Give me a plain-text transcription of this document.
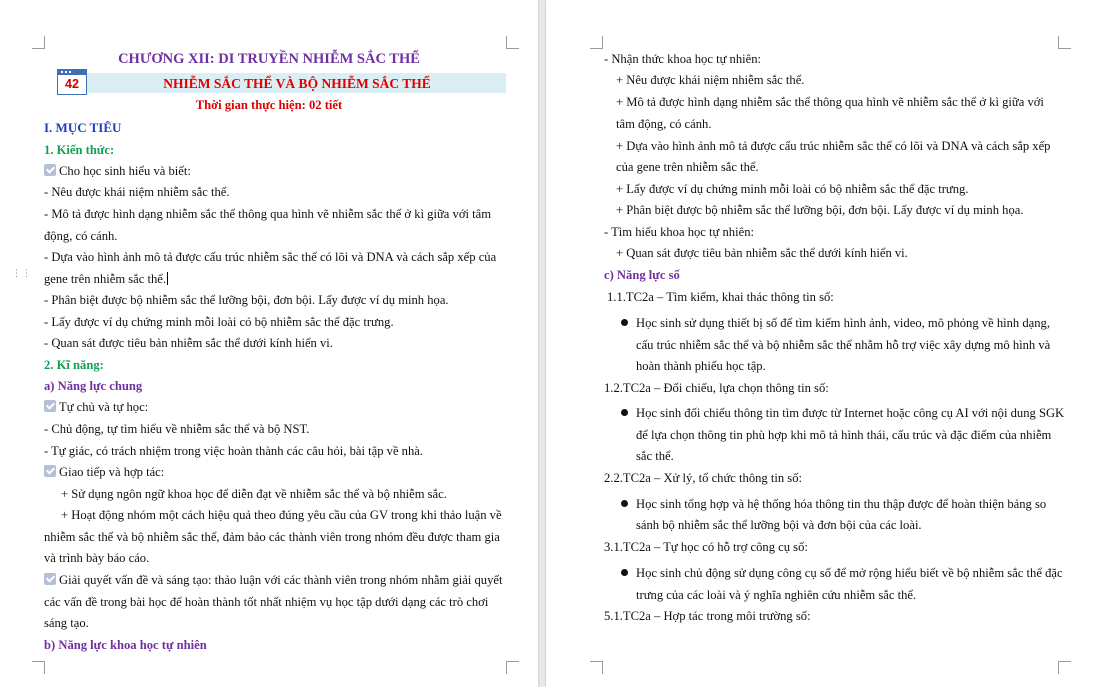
CHƯƠNG XII: DI TRUYỀN NHIỄM SẮC THỂ
42	NHIỄM SẮC THỂ VÀ BỘ NHIỄM SẮC THỂ
Thời gian thực hiện: 02 tiết
⋮⋮
I. MỤC TIÊU
1. Kiến thức:
Cho học sinh hiểu và biết:
- Nêu được khái niệm nhiễm sắc thể.
- Mô tả được hình dạng nhiễm sắc thể thông qua hình vẽ nhiễm sắc thể ở kì giữa với tâm
động, có cánh.
- Dựa vào hình ảnh mô tả được cấu trúc nhiễm sắc thể có lõi và DNA và cách sắp xếp của
gene trên nhiễm sắc thể.
- Phân biệt được bộ nhiễm sắc thể lưỡng bội, đơn bội. Lấy được ví dụ minh họa.
- Lấy được ví dụ chứng minh mỗi loài có bộ nhiễm sắc thể đặc trưng.
- Quan sát được tiêu bản nhiễm sắc thể dưới kính hiển vi.
2. Kĩ năng:
a) Năng lực chung
Tự chủ và tự học:
- Chủ động, tự tìm hiểu về nhiễm sắc thể và bộ NST.
- Tự giác, có trách nhiệm trong việc hoàn thành các câu hỏi, bài tập về nhà.
Giao tiếp và hợp tác:
+ Sử dụng ngôn ngữ khoa học để diễn đạt về nhiễm sắc thể và bộ nhiễm sắc.
+ Hoạt động nhóm một cách hiệu quả theo đúng yêu cầu của GV trong khi thảo luận về
nhiễm sắc thể và bộ nhiễm sắc thể, đảm bảo các thành viên trong nhóm đều được tham gia
và trình bày báo cáo.
Giải quyết vấn đề và sáng tạo: thảo luận với các thành viên trong nhóm nhằm giải quyết
các vấn đề trong bài học để hoàn thành tốt nhất nhiệm vụ học tập dưới dạng các trò chơi
sáng tạo.
b) Năng lực khoa học tự nhiên
- Nhận thức khoa học tự nhiên:
+ Nêu được khái niệm nhiễm sắc thể.
+ Mô tả được hình dạng nhiễm sắc thể thông qua hình vẽ nhiễm sắc thể ở kì giữa với
tâm động, có cánh.
+ Dựa vào hình ảnh mô tả được cấu trúc nhiễm sắc thể có lõi và DNA và cách sắp xếp
của gene trên nhiễm sắc thể.
+ Lấy được ví dụ chứng minh mỗi loài có bộ nhiễm sắc thể đặc trưng.
+ Phân biệt được bộ nhiễm sắc thể lưỡng bội, đơn bội. Lấy được ví dụ minh họa.
- Tìm hiểu khoa học tự nhiên:
+ Quan sát được tiêu bản nhiễm sắc thể dưới kính hiển vi.
c) Năng lực số
1.1.TC2a – Tìm kiếm, khai thác thông tin số:
Học sinh sử dụng thiết bị số để tìm kiếm hình ảnh, video, mô phỏng về hình dạng,
cấu trúc nhiễm sắc thể và bộ nhiễm sắc thể nhằm hỗ trợ việc xây dựng mô hình và
hoàn thành phiếu học tập.
1.2.TC2a – Đối chiếu, lựa chọn thông tin số:
Học sinh đối chiếu thông tin tìm được từ Internet hoặc công cụ AI với nội dung SGK
để lựa chọn thông tin phù hợp khi mô tả hình thái, cấu trúc và đặc điểm của nhiễm
sắc thể.
2.2.TC2a – Xử lý, tổ chức thông tin số:
Học sinh tổng hợp và hệ thống hóa thông tin thu thập được để hoàn thiện bảng so
sánh bộ nhiễm sắc thể lưỡng bội và đơn bội của các loài.
3.1.TC2a – Tự học có hỗ trợ công cụ số:
Học sinh chủ động sử dụng công cụ số để mở rộng hiểu biết về bộ nhiễm sắc thể đặc
trưng của các loài và ý nghĩa nghiên cứu nhiễm sắc thể.
5.1.TC2a – Hợp tác trong môi trường số:
